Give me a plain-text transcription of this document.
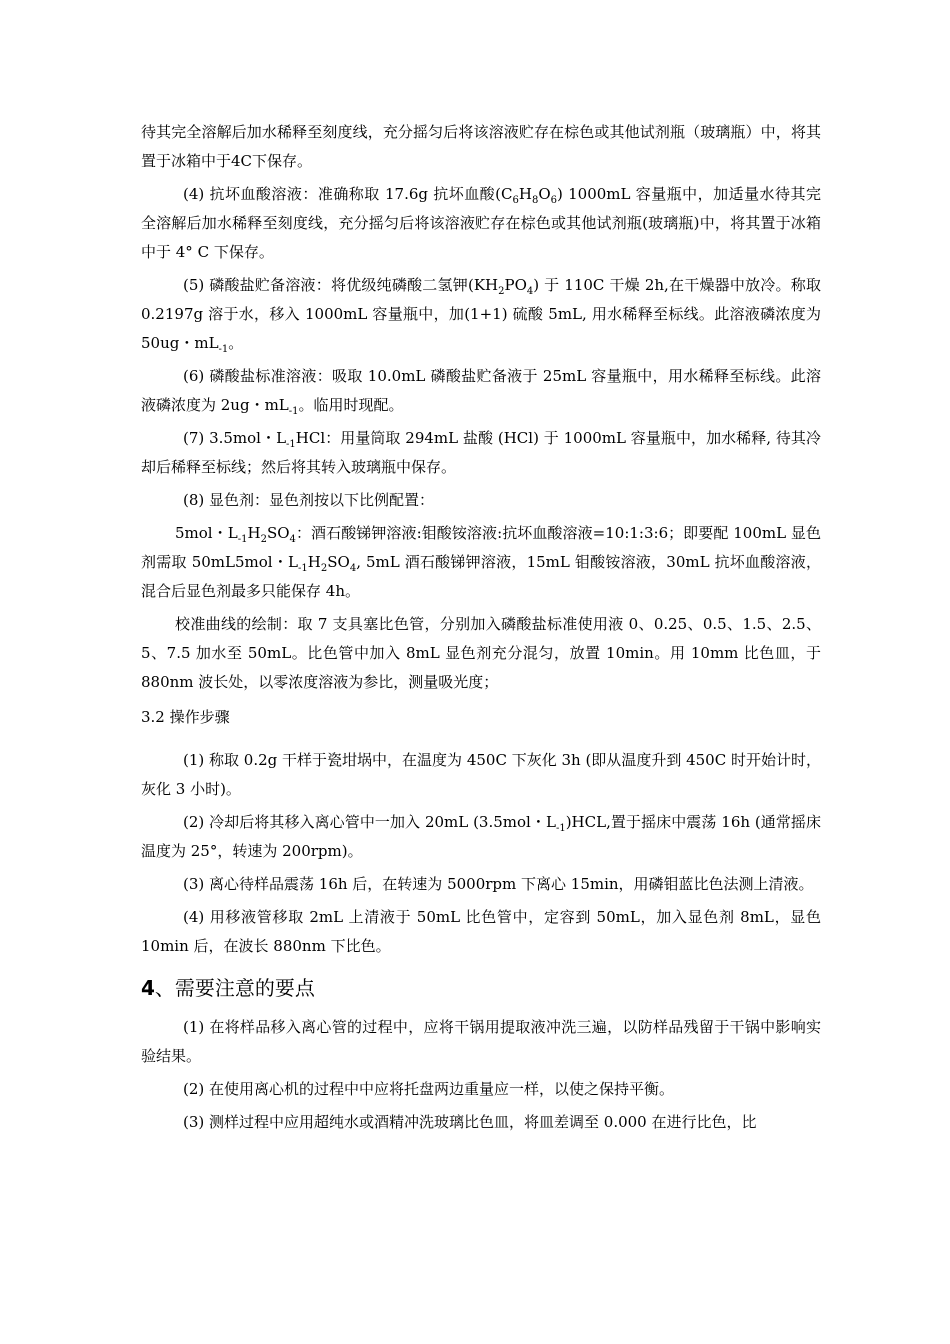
待其完全溶解后加水稀释至刻度线，充分摇匀后将该溶液贮存在棕色或其他试剂瓶（玻璃瓶）中，将其置于冰箱中于4C下保存。

(4) 抗坏血酸溶液：准确称取 17.6g 抗坏血酸$(C_6H_8O_6)$ 1000mL 容量瓶中，加适量水待其完全溶解后加水稀释至刻度线，充分摇匀后将该溶液贮存在棕色或其他试剂瓶(玻璃瓶)中，将其置于冰箱中于 4° C 下保存。

(5) 磷酸盐贮备溶液：将优级纯磷酸二氢钾$(KH_2PO_4)$ 于 110C 干燥 2h,在干燥器中放冷。称取 0.2197g 溶于水，移入 1000mL 容量瓶中，加(1+1) 硫酸 5mL, 用水稀释至标线。此溶液磷浓度为 50ug・$mL_{-1}$。

(6) 磷酸盐标准溶液：吸取 10.0mL 磷酸盐贮备液于 25mL 容量瓶中，用水稀释至标线。此溶液磷浓度为 2ug・$mL_{-1}$。临用时现配。

(7) 3.5mol・$L_{-1}HCl$：用量筒取 294mL 盐酸 (HCl) 于 1000mL 容量瓶中，加水稀释, 待其冷却后稀释至标线；然后将其转入玻璃瓶中保存。

(8) 显色剂：显色剂按以下比例配置：

5mol・$L_{-1}H_2SO_4$：酒石酸锑钾溶液:钼酸铵溶液:抗坏血酸溶液=10:1:3:6；即要配 100mL 显色剂需取 50mL5mol・$L_{-1}H_2SO_4$, 5mL 酒石酸锑钾溶液，15mL 钼酸铵溶液，30mL 抗坏血酸溶液，混合后显色剂最多只能保存 4h。

校准曲线的绘制：取 7 支具塞比色管，分别加入磷酸盐标准使用液 0、0.25、0.5、1.5、2.5、5、7.5 加水至 50mL。比色管中加入 8mL 显色剂充分混匀，放置 10min。用 10mm 比色皿，于 880nm 波长处，以零浓度溶液为参比，测量吸光度；

3.2 操作步骤

(1) 称取 0.2g 干样于瓷坩埚中，在温度为 450C 下灰化 3h (即从温度升到 450C 时开始计时，灰化 3 小时)。

(2) 冷却后将其移入离心管中一加入 20mL (3.5mol・$L_{-1})HCL$,置于摇床中震荡 16h (通常摇床温度为 25°，转速为 200rpm)。

(3) 离心待样品震荡 16h 后，在转速为 5000rpm 下离心 15min，用磷钼蓝比色法测上清液。

(4) 用移液管移取 2mL 上清液于 50mL 比色管中，定容到 50mL，加入显色剂 8mL，显色 10min 后，在波长 880nm 下比色。

4、需要注意的要点

(1) 在将样品移入离心管的过程中，应将干锅用提取液冲洗三遍，以防样品残留于干锅中影响实验结果。

(2) 在使用离心机的过程中中应将托盘两边重量应一样，以使之保持平衡。

(3) 测样过程中应用超纯水或酒精冲洗玻璃比色皿，将皿差调至 0.000 在进行比色，比
